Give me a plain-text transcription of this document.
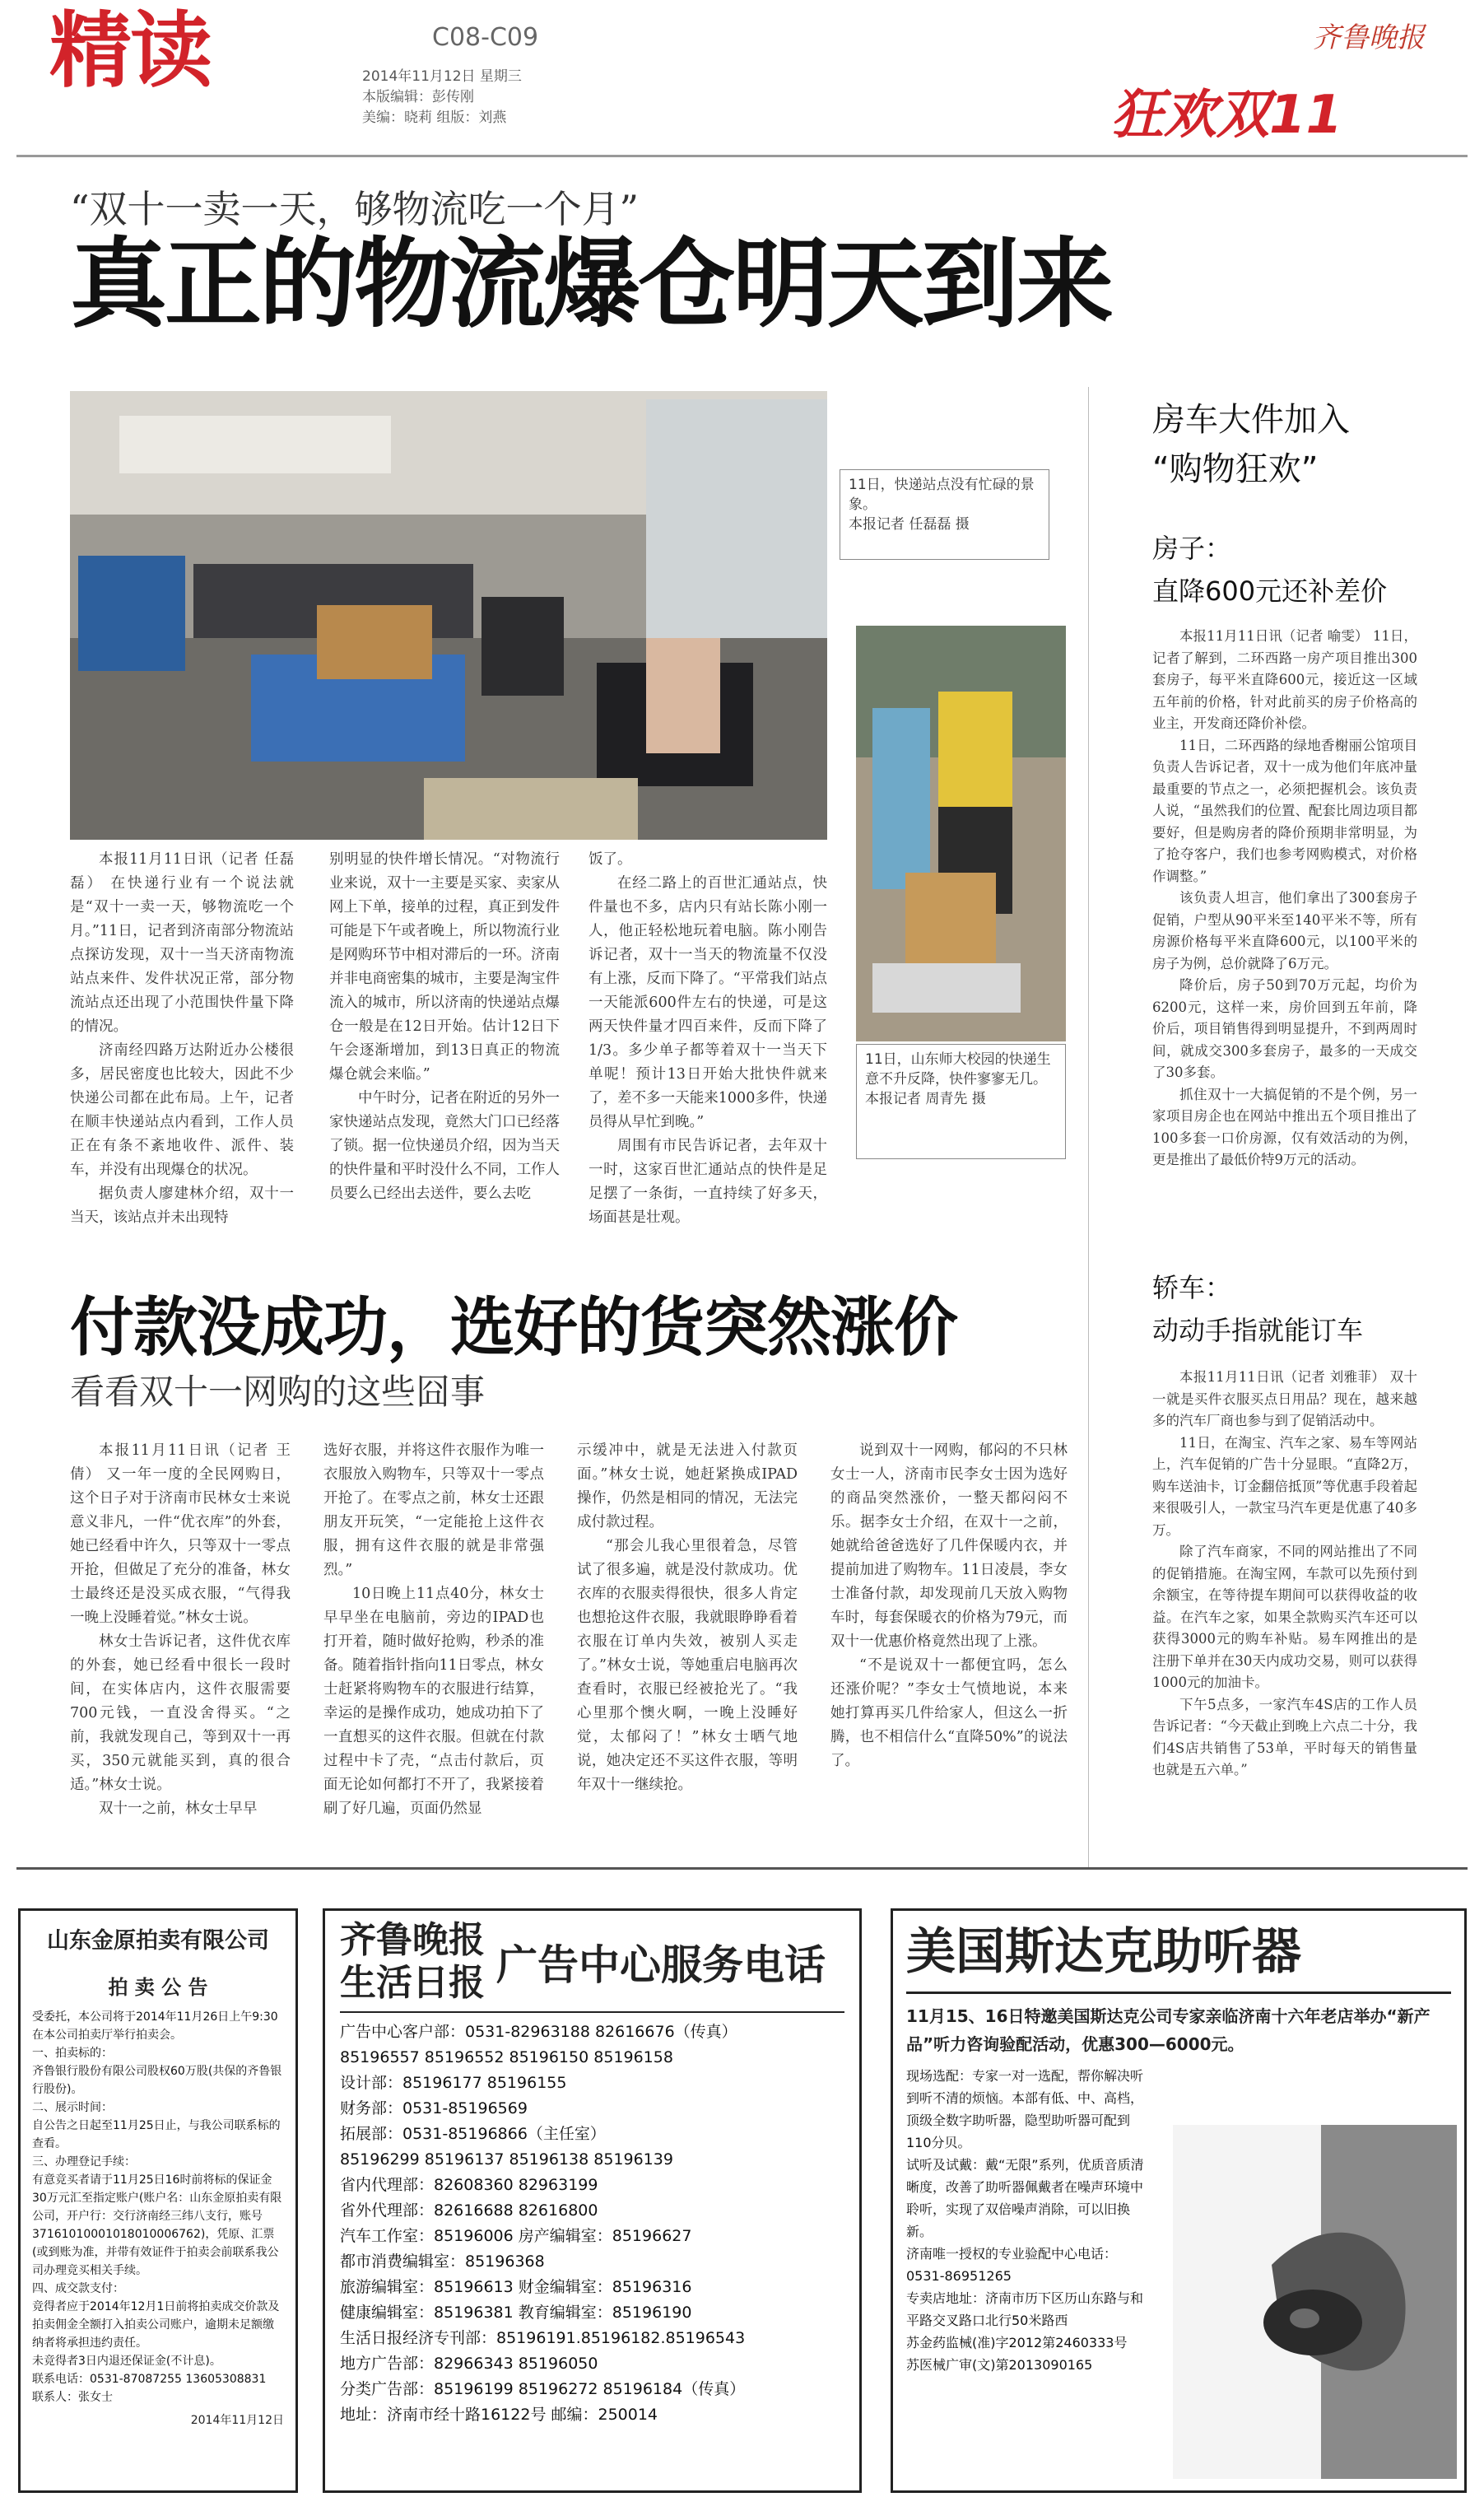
精读	C08-C09
2014年11月12日 星期三
本版编辑：彭传刚
美编：晓莉 组版：刘燕
齐鲁晚报
狂欢双11
“双十一卖一天，够物流吃一个月”
真正的物流爆仓明天到来
11日，快递站点没有忙碌的景象。
本报记者 任磊磊 摄
11日，山东师大校园的快递生意不升反降，快件寥寥无几。
本报记者 周青先 摄

本报11月11日讯（记者 任磊磊） 在快递行业有一个说法就是“双十一卖一天，够物流吃一个月。”11日，记者到济南部分物流站点探访发现，双十一当天济南物流站点来件、发件状况正常，部分物流站点还出现了小范围快件量下降的情况。

济南经四路万达附近办公楼很多，居民密度也比较大，因此不少快递公司都在此布局。上午，记者在顺丰快递站点内看到，工作人员正在有条不紊地收件、派件、装车，并没有出现爆仓的状况。

据负责人廖建林介绍，双十一当天，该站点并未出现特

别明显的快件增长情况。“对物流行业来说，双十一主要是买家、卖家从网上下单，接单的过程，真正到发件可能是下午或者晚上，所以物流行业是网购环节中相对滞后的一环。济南并非电商密集的城市，主要是淘宝件流入的城市，所以济南的快递站点爆仓一般是在12日开始。估计12日下午会逐渐增加，到13日真正的物流爆仓就会来临。”

中午时分，记者在附近的另外一家快递站点发现，竟然大门口已经落了锁。据一位快递员介绍，因为当天的快件量和平时没什么不同，工作人员要么已经出去送件，要么去吃

饭了。

在经二路上的百世汇通站点，快件量也不多，店内只有站长陈小刚一人，他正轻松地玩着电脑。陈小刚告诉记者，双十一当天的物流量不仅没有上涨，反而下降了。“平常我们站点一天能派600件左右的快递，可是这两天快件量才四百来件，反而下降了1/3。多少单子都等着双十一当天下单呢！预计13日开始大批快件就来了，差不多一天能来1000多件，快递员得从早忙到晚。”

周围有市民告诉记者，去年双十一时，这家百世汇通站点的快件是足足摆了一条街，一直持续了好多天，场面甚是壮观。

付款没成功，选好的货突然涨价
看看双十一网购的这些囧事

本报11月11日讯（记者 王倩） 又一年一度的全民网购日，这个日子对于济南市民林女士来说意义非凡，一件“优衣库”的外套，她已经看中许久，只等双十一零点开抢，但做足了充分的准备，林女士最终还是没买成衣服，“气得我一晚上没睡着觉。”林女士说。

林女士告诉记者，这件优衣库的外套，她已经看中很长一段时间，在实体店内，这件衣服需要700元钱，一直没舍得买。“之前，我就发现自己，等到双十一再买，350元就能买到，真的很合适。”林女士说。

双十一之前，林女士早早

选好衣服，并将这件衣服作为唯一衣服放入购物车，只等双十一零点开抢了。在零点之前，林女士还跟朋友开玩笑，“一定能抢上这件衣服，拥有这件衣服的就是非常强烈。”

10日晚上11点40分，林女士早早坐在电脑前，旁边的IPAD也打开着，随时做好抢购，秒杀的准备。随着指针指向11日零点，林女士赶紧将购物车的衣服进行结算，幸运的是操作成功，她成功拍下了一直想买的这件衣服。但就在付款过程中卡了壳，“点击付款后，页面无论如何都打不开了，我紧接着刷了好几遍，页面仍然显

示缓冲中，就是无法进入付款页面。”林女士说，她赶紧换成IPAD操作，仍然是相同的情况，无法完成付款过程。

“那会儿我心里很着急，尽管试了很多遍，就是没付款成功。优衣库的衣服卖得很快，很多人肯定也想抢这件衣服，我就眼睁睁看着衣服在订单内失效，被别人买走了。”林女士说，等她重启电脑再次查看时，衣服已经被抢光了。“我心里那个懊火啊，一晚上没睡好觉，太郁闷了！”林女士晒气地说，她决定还不买这件衣服，等明年双十一继续抢。

说到双十一网购，郁闷的不只林女士一人，济南市民李女士因为选好的商品突然涨价，一整天都闷闷不乐。据李女士介绍，在双十一之前，她就给爸爸选好了几件保暖内衣，并提前加进了购物车。11日凌晨，李女士准备付款，却发现前几天放入购物车时，每套保暖衣的价格为79元，而双十一优惠价格竟然出现了上涨。

“不是说双十一都便宜吗，怎么还涨价呢？”李女士气愤地说，本来她打算再买几件给家人，但这么一折腾，也不相信什么“直降50%”的说法了。

房车大件加入
“购物狂欢”
房子：
直降600元还补差价

本报11月11日讯（记者 喻雯） 11日，记者了解到，二环西路一房产项目推出300套房子，每平米直降600元，接近这一区域五年前的价格，针对此前买的房子价格高的业主，开发商还降价补偿。

11日，二环西路的绿地香榭丽公馆项目负责人告诉记者，双十一成为他们年底冲量最重要的节点之一，必须把握机会。该负责人说，“虽然我们的位置、配套比周边项目都要好，但是购房者的降价预期非常明显，为了抢夺客户，我们也参考网购模式，对价格作调整。”

该负责人坦言，他们拿出了300套房子促销，户型从90平米至140平米不等，所有房源价格每平米直降600元，以100平米的房子为例，总价就降了6万元。

降价后，房子50到70万元起，均价为6200元，这样一来，房价回到五年前，降价后，项目销售得到明显提升，不到两周时间，就成交300多套房子，最多的一天成交了30多套。

抓住双十一大搞促销的不是个例，另一家项目房企也在网站中推出五个项目推出了100多套一口价房源，仅有效活动的为例，更是推出了最低价特9万元的活动。

轿车：
动动手指就能订车

本报11月11日讯（记者 刘雅菲） 双十一就是买件衣服买点日用品？现在，越来越多的汽车厂商也参与到了促销活动中。

11日，在淘宝、汽车之家、易车等网站上，汽车促销的广告十分显眼。“直降2万，购车送油卡，订金翻倍抵顶”等优惠手段着起来很吸引人，一款宝马汽车更是优惠了40多万。

除了汽车商家，不同的网站推出了不同的促销措施。在淘宝网，车款可以先预付到余额宝，在等待提车期间可以获得收益的收益。在汽车之家，如果全款购买汽车还可以获得3000元的购车补贴。易车网推出的是注册下单并在30天内成功交易，则可以获得1000元的加油卡。

下午5点多，一家汽车4S店的工作人员告诉记者：“今天截止到晚上六点二十分，我们4S店共销售了53单，平时每天的销售量也就是五六单。”

山东金原拍卖有限公司
拍 卖 公 告
受委托，本公司将于2014年11月26日上午9:30在本公司拍卖厅举行拍卖会。
一、拍卖标的：
齐鲁银行股份有限公司股权60万股(共保的齐鲁银行股份)。
二、展示时间：
自公告之日起至11月25日止，与我公司联系标的查看。
三、办理登记手续：
有意竞买者请于11月25日16时前将标的保证金30万元汇至指定账户(账户名：山东金原拍卖有限公司，开户行：交行济南经三纬八支行，账号37161010001018010006762)，凭原、汇票(或到账为准，并带有效证件于拍卖会前联系我公司办理竞买相关手续。
四、成交款支付：
竞得者应于2014年12月1日前将拍卖成交价款及拍卖佣金全额打入拍卖公司账户，逾期未足额缴纳者将承担违约责任。
未竞得者3日内退还保证金(不计息)。
联系电话：0531-87087255 13605308831
联系人：张女士
2014年11月12日
齐鲁晚报
生活日报 广告中心服务电话
广告中心客户部：0531-82963188 82616676（传真）
85196557 85196552 85196150 85196158
设计部：85196177 85196155
财务部：0531-85196569
拓展部：0531-85196866（主任室）
85196299 85196137 85196138 85196139
省内代理部：82608360 82963199
省外代理部：82616688 82616800
汽车工作室：85196006 房产编辑室：85196627
都市消费编辑室：85196368
旅游编辑室：85196613 财金编辑室：85196316
健康编辑室：85196381 教育编辑室：85196190
生活日报经济专刊部：85196191.85196182.85196543
地方广告部：82966343 85196050
分类广告部：85196199 85196272 85196184（传真）
地址：济南市经十路16122号 邮编：250014
美国斯达克助听器
11月15、16日特邀美国斯达克公司专家亲临济南十六年老店举办“新产品”听力咨询验配活动，优惠300—6000元。
现场选配：专家一对一选配，帮你解决听到听不清的烦恼。本部有低、中、高档，顶级全数字助听器，隐型助听器可配到110分贝。
试听及试戴：戴“无限”系列，优质音质清晰度，改善了助听器佩戴者在噪声环境中聆听，实现了双倍噪声消除，可以旧换新。
济南唯一授权的专业验配中心电话：0531-86951265
专卖店地址：济南市历下区历山东路与和平路交叉路口北行50米路西
苏金药监械(准)字2012第2460333号
苏医械广审(文)第2013090165
